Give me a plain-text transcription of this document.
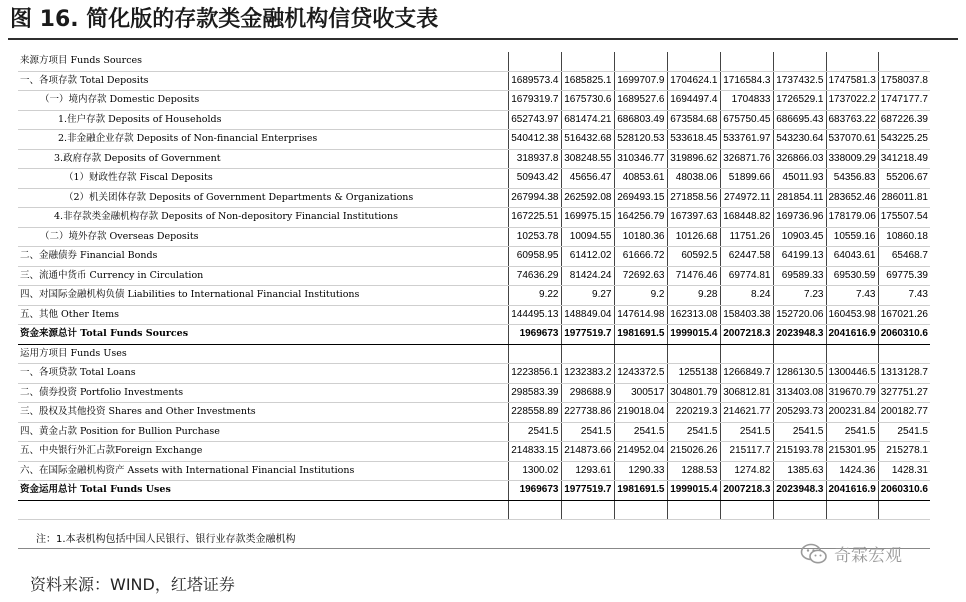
图 16. 简化版的存款类金融机构信贷收支表
来源方项目 Funds Sources								
一、各项存款 Total Deposits	1689573.4	1685825.1	1699707.9	1704624.1	1716584.3	1737432.5	1747581.3	1758037.8
（一）境内存款 Domestic Deposits	1679319.7	1675730.6	1689527.6	1694497.4	1704833	1726529.1	1737022.2	1747177.7
1.住户存款 Deposits of Households	652743.97	681474.21	686803.49	673584.68	675750.45	686695.43	683763.22	687226.39
2.非金融企业存款 Deposits of Non-financial Enterprises	540412.38	516432.68	528120.53	533618.45	533761.97	543230.64	537070.61	543225.25
3.政府存款 Deposits of Government	318937.8	308248.55	310346.77	319896.62	326871.76	326866.03	338009.29	341218.49
（1）财政性存款 Fiscal Deposits	50943.42	45656.47	40853.61	48038.06	51899.66	45011.93	54356.83	55206.67
（2）机关团体存款 Deposits of Government Departments & Organizations	267994.38	262592.08	269493.15	271858.56	274972.11	281854.11	283652.46	286011.81
4.非存款类金融机构存款 Deposits of Non-depository Financial Institutions	167225.51	169975.15	164256.79	167397.63	168448.82	169736.96	178179.06	175507.54
（二）境外存款 Overseas Deposits	10253.78	10094.55	10180.36	10126.68	11751.26	10903.45	10559.16	10860.18
二、金融债券 Financial Bonds	60958.95	61412.02	61666.72	60592.5	62447.58	64199.13	64043.61	65468.7
三、流通中货币 Currency in Circulation	74636.29	81424.24	72692.63	71476.46	69774.81	69589.33	69530.59	69775.39
四、对国际金融机构负债 Liabilities to International Financial Institutions	9.22	9.27	9.2	9.28	8.24	7.23	7.43	7.43
五、其他 Other Items	144495.13	148849.04	147614.98	162313.08	158403.38	152720.06	160453.98	167021.26
资金来源总计 Total Funds Sources	1969673	1977519.7	1981691.5	1999015.4	2007218.3	2023948.3	2041616.9	2060310.6
运用方项目 Funds Uses								
一、各项贷款 Total Loans	1223856.1	1232383.2	1243372.5	1255138	1266849.7	1286130.5	1300446.5	1313128.7
二、债券投资 Portfolio Investments	298583.39	298688.9	300517	304801.79	306812.81	313403.08	319670.79	327751.27
三、股权及其他投资 Shares and Other Investments	228558.89	227738.86	219018.04	220219.3	214621.77	205293.73	200231.84	200182.77
四、黄金占款 Position for Bullion Purchase	2541.5	2541.5	2541.5	2541.5	2541.5	2541.5	2541.5	2541.5
五、中央银行外汇占款Foreign Exchange	214833.15	214873.66	214952.04	215026.26	215117.7	215193.78	215301.95	215278.1
六、在国际金融机构资产 Assets with International Financial Institutions	1300.02	1293.61	1290.33	1288.53	1274.82	1385.63	1424.36	1428.31
资金运用总计 Total Funds Uses	1969673	1977519.7	1981691.5	1999015.4	2007218.3	2023948.3	2041616.9	2060310.6

注：1.本表机构包括中国人民银行、银行业存款类金融机构
资料来源：WIND，红塔证券
奇霖宏观
